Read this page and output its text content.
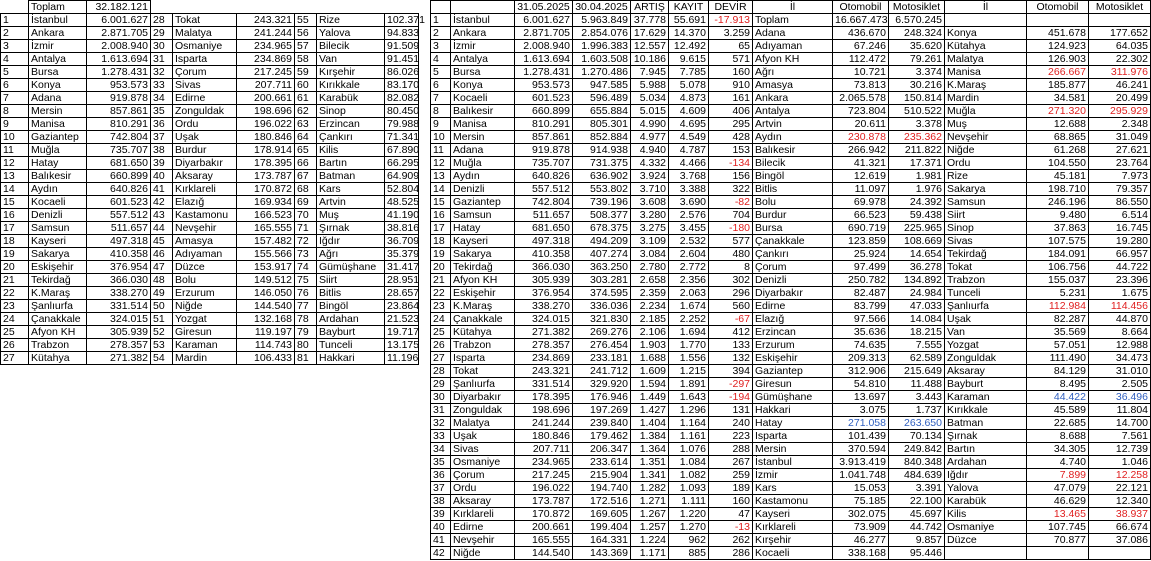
	Toplam	32.182.121						
1	İstanbul	6.001.627	28	Tokat	243.321	55	Rize	102.371
2	Ankara	2.871.705	29	Malatya	241.244	56	Yalova	94.833
3	İzmir	2.008.940	30	Osmaniye	234.965	57	Bilecik	91.509
4	Antalya	1.613.694	31	Isparta	234.869	58	Van	91.451
5	Bursa	1.278.431	32	Çorum	217.245	59	Kırşehir	86.026
6	Konya	953.573	33	Sivas	207.711	60	Kırıkkale	83.170
7	Adana	919.878	34	Edirne	200.661	61	Karabük	82.082
8	Mersin	857.861	35	Zonguldak	198.696	62	Sinop	80.450
9	Manisa	810.291	36	Ordu	196.022	63	Erzincan	79.988
10	Gaziantep	742.804	37	Uşak	180.846	64	Çankırı	71.341
11	Muğla	735.707	38	Burdur	178.914	65	Kilis	67.890
12	Hatay	681.650	39	Diyarbakır	178.395	66	Bartın	66.295
13	Balıkesir	660.899	40	Aksaray	173.787	67	Batman	64.909
14	Aydın	640.826	41	Kırklareli	170.872	68	Kars	52.804
15	Kocaeli	601.523	42	Elazığ	169.934	69	Artvin	48.525
16	Denizli	557.512	43	Kastamonu	166.523	70	Muş	41.190
17	Samsun	511.657	44	Nevşehir	165.555	71	Şırnak	38.816
18	Kayseri	497.318	45	Amasya	157.482	72	Iğdır	36.709
19	Sakarya	410.358	46	Adıyaman	155.566	73	Ağrı	35.379
20	Eskişehir	376.954	47	Düzce	153.917	74	Gümüşhane	31.417
21	Tekirdağ	366.030	48	Bolu	149.512	75	Siirt	28.951
22	K.Maraş	338.270	49	Erzurum	146.050	76	Bitlis	28.657
23	Şanlıurfa	331.514	50	Niğde	144.540	77	Bingöl	23.864
24	Çanakkale	324.015	51	Yozgat	132.168	78	Ardahan	21.523
25	Afyon KH	305.939	52	Giresun	119.197	79	Bayburt	19.717
26	Trabzon	278.357	53	Karaman	114.743	80	Tunceli	13.175
27	Kütahya	271.382	54	Mardin	106.433	81	Hakkari	11.196
		31.05.2025	30.04.2025	ARTIŞ	KAYIT	DEVİR	İl	Otomobil	Motosiklet	İl	Otomobil	Motosiklet
1	İstanbul	6.001.627	5.963.849	37.778	55.691	-17.913	Toplam	16.667.473	6.570.245			
2	Ankara	2.871.705	2.854.076	17.629	14.370	3.259	Adana	436.670	248.324	Konya	451.678	177.652
3	İzmir	2.008.940	1.996.383	12.557	12.492	65	Adıyaman	67.246	35.620	Kütahya	124.923	64.035
4	Antalya	1.613.694	1.603.508	10.186	9.615	571	Afyon KH	112.472	79.261	Malatya	126.903	22.302
5	Bursa	1.278.431	1.270.486	7.945	7.785	160	Ağrı	10.721	3.374	Manisa	266.667	311.976
6	Konya	953.573	947.585	5.988	5.078	910	Amasya	73.813	30.216	K.Maraş	185.877	46.241
7	Kocaeli	601.523	596.489	5.034	4.873	161	Ankara	2.065.578	150.814	Mardin	34.581	20.499
8	Balıkesir	660.899	655.884	5.015	4.609	406	Antalya	723.804	510.522	Muğla	271.320	295.929
9	Manisa	810.291	805.301	4.990	4.695	295	Artvin	20.611	3.378	Muş	12.688	2.348
10	Mersin	857.861	852.884	4.977	4.549	428	Aydın	230.878	235.362	Nevşehir	68.865	31.049
11	Adana	919.878	914.938	4.940	4.787	153	Balıkesir	266.942	211.822	Niğde	61.268	27.621
12	Muğla	735.707	731.375	4.332	4.466	-134	Bilecik	41.321	17.371	Ordu	104.550	23.764
13	Aydın	640.826	636.902	3.924	3.768	156	Bingöl	12.619	1.981	Rize	45.181	7.973
14	Denizli	557.512	553.802	3.710	3.388	322	Bitlis	11.097	1.976	Sakarya	198.710	79.357
15	Gaziantep	742.804	739.196	3.608	3.690	-82	Bolu	69.978	24.392	Samsun	246.196	86.550
16	Samsun	511.657	508.377	3.280	2.576	704	Burdur	66.523	59.438	Siirt	9.480	6.514
17	Hatay	681.650	678.375	3.275	3.455	-180	Bursa	690.719	225.965	Sinop	37.863	16.745
18	Kayseri	497.318	494.209	3.109	2.532	577	Çanakkale	123.859	108.669	Sivas	107.575	19.280
19	Sakarya	410.358	407.274	3.084	2.604	480	Çankırı	25.924	14.654	Tekirdağ	184.091	66.957
20	Tekirdağ	366.030	363.250	2.780	2.772	8	Çorum	97.499	36.278	Tokat	106.756	44.722
21	Afyon KH	305.939	303.281	2.658	2.356	302	Denizli	250.782	134.892	Trabzon	155.037	23.396
22	Eskişehir	376.954	374.595	2.359	2.063	296	Diyarbakır	82.487	24.984	Tunceli	5.231	1.675
23	K.Maraş	338.270	336.036	2.234	1.674	560	Edirne	83.799	47.033	Şanlıurfa	112.984	114.456
24	Çanakkale	324.015	321.830	2.185	2.252	-67	Elazığ	97.566	14.084	Uşak	82.287	44.870
25	Kütahya	271.382	269.276	2.106	1.694	412	Erzincan	35.636	18.215	Van	35.569	8.664
26	Trabzon	278.357	276.454	1.903	1.770	133	Erzurum	74.635	7.555	Yozgat	57.051	12.988
27	Isparta	234.869	233.181	1.688	1.556	132	Eskişehir	209.313	62.589	Zonguldak	111.490	34.473
28	Tokat	243.321	241.712	1.609	1.215	394	Gaziantep	312.906	215.649	Aksaray	84.129	31.010
29	Şanlıurfa	331.514	329.920	1.594	1.891	-297	Giresun	54.810	11.488	Bayburt	8.495	2.505
30	Diyarbakır	178.395	176.946	1.449	1.643	-194	Gümüşhane	13.697	3.443	Karaman	44.422	36.496
31	Zonguldak	198.696	197.269	1.427	1.296	131	Hakkari	3.075	1.737	Kırıkkale	45.589	11.804
32	Malatya	241.244	239.840	1.404	1.164	240	Hatay	271.058	263.650	Batman	22.685	14.700
33	Uşak	180.846	179.462	1.384	1.161	223	Isparta	101.439	70.134	Şırnak	8.688	7.561
34	Sivas	207.711	206.347	1.364	1.076	288	Mersin	370.594	249.842	Bartın	34.305	12.739
35	Osmaniye	234.965	233.614	1.351	1.084	267	İstanbul	3.913.419	840.348	Ardahan	4.740	1.046
36	Çorum	217.245	215.904	1.341	1.082	259	İzmir	1.041.748	484.639	Iğdır	7.899	12.258
37	Ordu	196.022	194.740	1.282	1.093	189	Kars	15.053	3.391	Yalova	47.079	22.121
38	Aksaray	173.787	172.516	1.271	1.111	160	Kastamonu	75.185	22.100	Karabük	46.629	12.340
39	Kırklareli	170.872	169.605	1.267	1.220	47	Kayseri	302.075	45.697	Kilis	13.465	38.937
40	Edirne	200.661	199.404	1.257	1.270	-13	Kırklareli	73.909	44.742	Osmaniye	107.745	66.674
41	Nevşehir	165.555	164.331	1.224	962	262	Kırşehir	46.277	9.857	Düzce	70.877	37.086
42	Niğde	144.540	143.369	1.171	885	286	Kocaeli	338.168	95.446			
